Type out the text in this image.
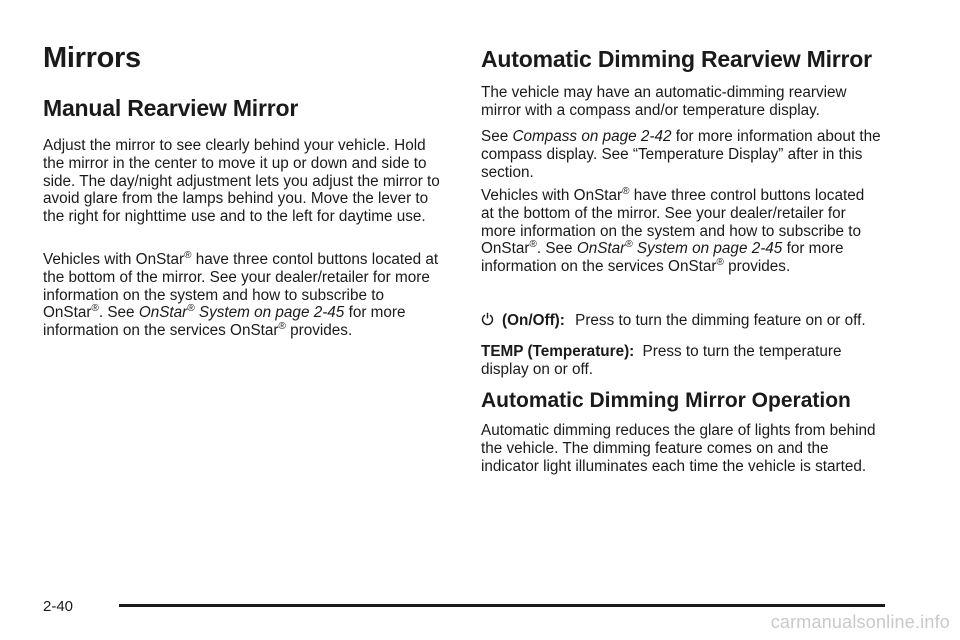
Mirrors
Manual Rearview Mirror

Adjust the mirror to see clearly behind your vehicle. Hold the mirror in the center to move it up or down and side to side. The day/night adjustment lets you adjust the mirror to avoid glare from the lamps behind you. Move the lever to the right for nighttime use and to the left for daytime use.

Vehicles with OnStar® have three contol buttons located at the bottom of the mirror. See your dealer/retailer for more information on the system and how to subscribe to OnStar®. See OnStar® System on page 2-45 for more information on the services OnStar® provides.

Automatic Dimming Rearview Mirror

The vehicle may have an automatic-dimming rearview mirror with a compass and/or temperature display.

See Compass on page 2-42 for more information about the compass display. See “Temperature Display” after in this section.

Vehicles with OnStar® have three control buttons located at the bottom of the mirror. See your dealer/retailer for more information on the system and how to subscribe to OnStar®. See OnStar® System on page 2-45 for more information on the services OnStar® provides.

(On/Off): Press to turn the dimming feature on or off.

TEMP (Temperature): Press to turn the temperature display on or off.

Automatic Dimming Mirror Operation

Automatic dimming reduces the glare of lights from behind the vehicle. The dimming feature comes on and the indicator light illuminates each time the vehicle is started.

2-40
carmanualsonline.info
